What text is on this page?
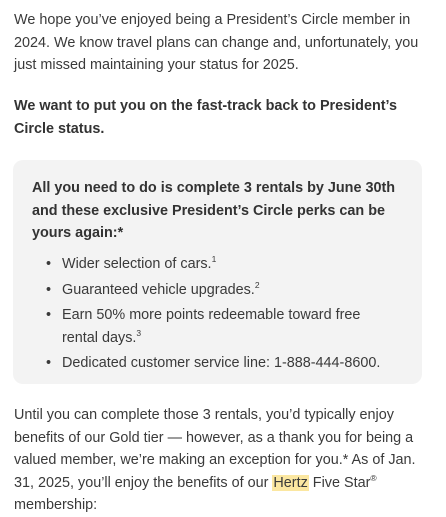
We hope you’ve enjoyed being a President’s Circle member in 2024. We know travel plans can change and, unfortunately, you just missed maintaining your status for 2025.

We want to put you on the fast-track back to President’s Circle status.

All you need to do is complete 3 rentals by June 30th and these exclusive President’s Circle perks can be yours again:*

• Wider selection of cars.$^1$
• Guaranteed vehicle upgrades.$^2$
• Earn 50% more points redeemable toward free rental days.$^3$
• Dedicated customer service line: 1-888-444-8600.

Until you can complete those 3 rentals, you’d typically enjoy benefits of our Gold tier — however, as a thank you for being a valued member, we’re making an exception for you.* As of Jan. 31, 2025, you’ll enjoy the benefits of our Hertz Five Star® membership:
